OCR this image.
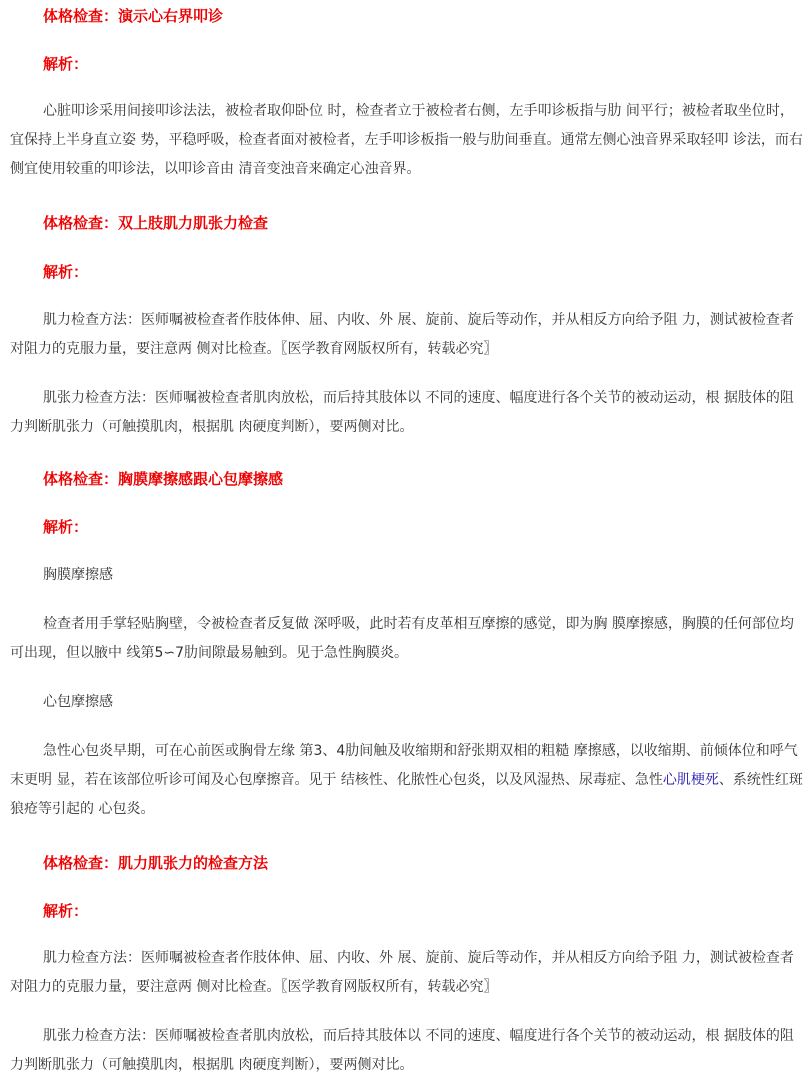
体格检查：演示心右界叩诊
解析：

心脏叩诊采用间接叩诊法法，被检者取仰卧位 时，检查者立于被检者右侧，左手叩诊板指与肋 间平行；被检者取坐位时，宜保持上半身直立姿 势，平稳呼吸，检查者面对被检者，左手叩诊板指一般与肋间垂直。通常左侧心浊音界采取轻叩 诊法，而右侧宜使用较重的叩诊法，以叩诊音由 清音变浊音来确定心浊音界。

体格检查：双上肢肌力肌张力检查
解析：

肌力检查方法：医师嘱被检查者作肢体伸、屈、内收、外 展、旋前、旋后等动作，并从相反方向给予阻 力，测试被检查者对阻力的克服力量，要注意两 侧对比检查。〖医学教育网版权所有，转载必究〗

肌张力检查方法：医师嘱被检查者肌肉放松，而后持其肢体以 不同的速度、幅度进行各个关节的被动运动，根 据肢体的阻力判断肌张力（可触摸肌肉，根据肌 肉硬度判断），要两侧对比。

体格检查：胸膜摩擦感跟心包摩擦感
解析：

胸膜摩擦感

检查者用手掌轻贴胸壁，令被检查者反复做 深呼吸，此时若有皮革相互摩擦的感觉，即为胸 膜摩擦感，胸膜的任何部位均可出现，但以腋中 线第5∽7肋间隙最易触到。见于急性胸膜炎。

心包摩擦感

急性心包炎早期，可在心前医或胸骨左缘 第3、4肋间触及收缩期和舒张期双相的粗糙 摩擦感，以收缩期、前倾体位和呼气末更明 显，若在该部位听诊可闻及心包摩擦音。见于 结核性、化脓性心包炎，以及风湿热、尿毒症、急性心肌梗死、系统性红斑狼疮等引起的 心包炎。

体格检查：肌力肌张力的检查方法
解析：

肌力检查方法：医师嘱被检查者作肢体伸、屈、内收、外 展、旋前、旋后等动作，并从相反方向给予阻 力，测试被检查者对阻力的克服力量，要注意两 侧对比检查。〖医学教育网版权所有，转载必究〗

肌张力检查方法：医师嘱被检查者肌肉放松，而后持其肢体以 不同的速度、幅度进行各个关节的被动运动，根 据肢体的阻力判断肌张力（可触摸肌肉，根据肌 肉硬度判断），要两侧对比。
